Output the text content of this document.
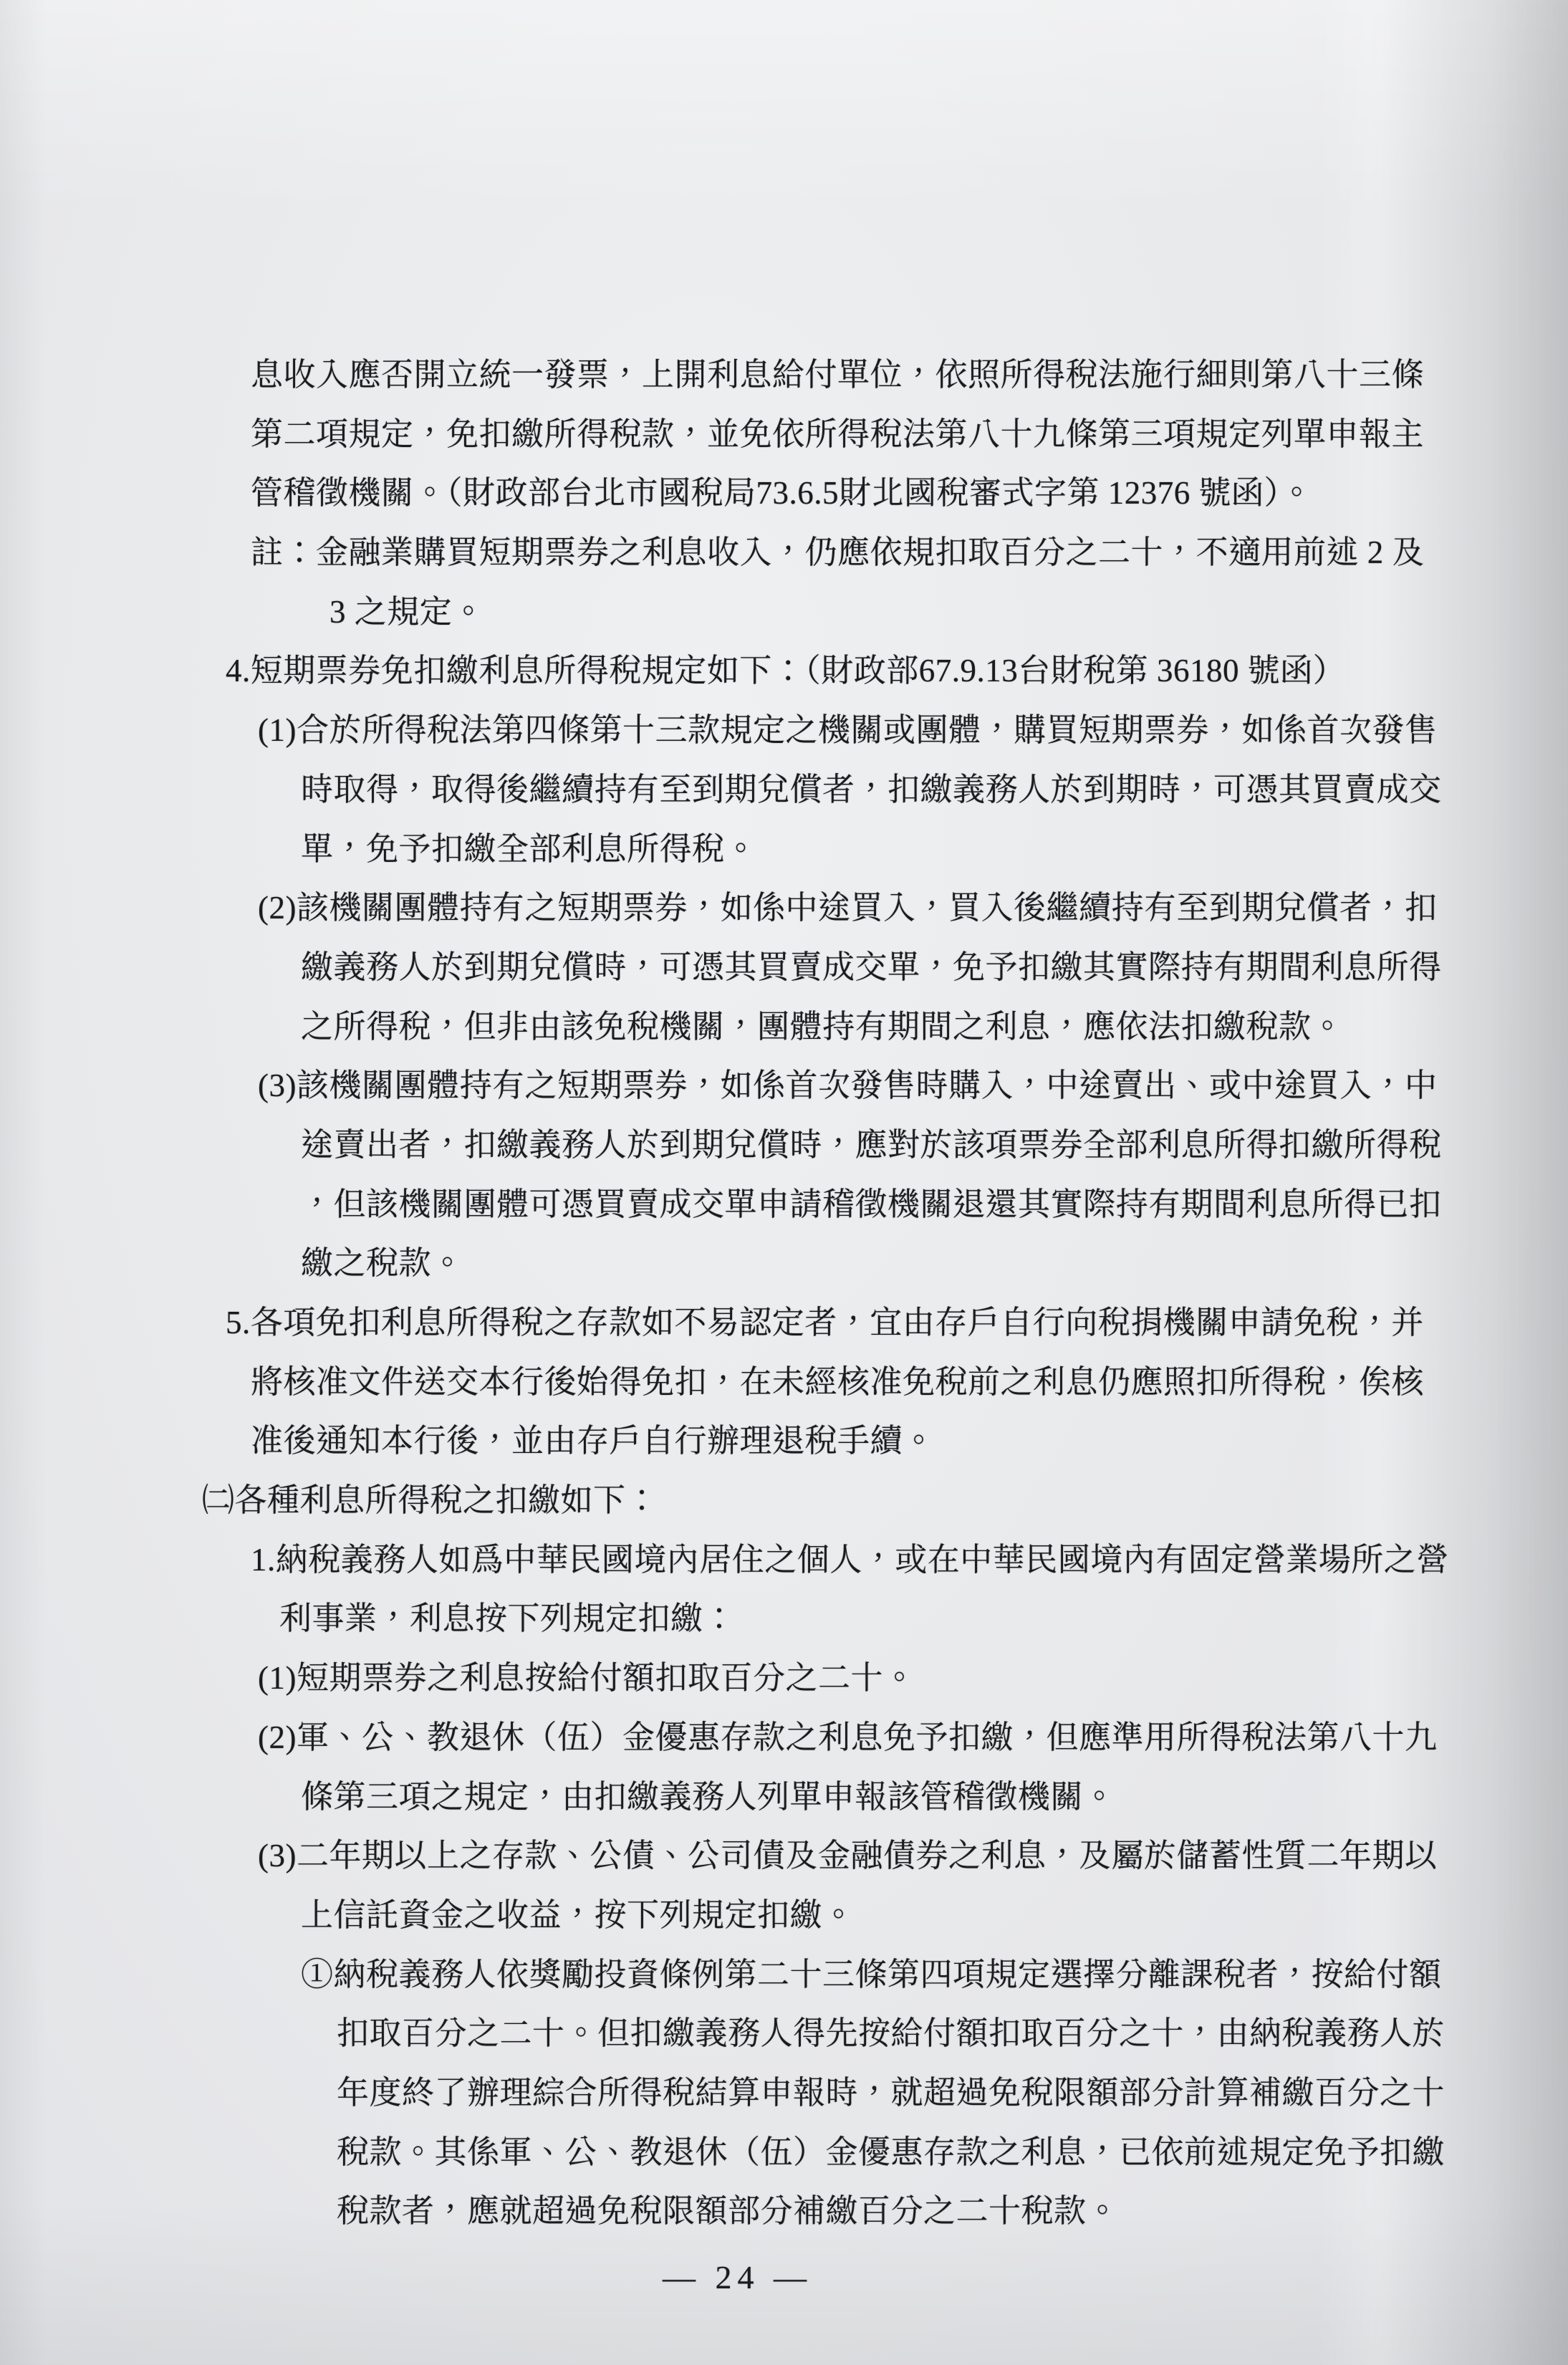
息收入應否開立統一發票，上開利息給付單位，依照所得稅法施行細則第八十三條
第二項規定，免扣繳所得稅款，並免依所得稅法第八十九條第三項規定列單申報主
管稽徵機關。（財政部台北市國稅局73.6.5財北國稅審式字第 12376 號函）。
註：金融業購買短期票券之利息收入，仍應依規扣取百分之二十，不適用前述 2 及
3 之規定。
4.短期票券免扣繳利息所得稅規定如下：（財政部67.9.13台財稅第 36180 號函）
(1)合於所得稅法第四條第十三款規定之機關或團體，購買短期票券，如係首次發售
時取得，取得後繼續持有至到期兌償者，扣繳義務人於到期時，可憑其買賣成交
單，免予扣繳全部利息所得稅。
(2)該機關團體持有之短期票券，如係中途買入，買入後繼續持有至到期兌償者，扣
繳義務人於到期兌償時，可憑其買賣成交單，免予扣繳其實際持有期間利息所得
之所得稅，但非由該免稅機關，團體持有期間之利息，應依法扣繳稅款。
(3)該機關團體持有之短期票券，如係首次發售時購入，中途賣出、或中途買入，中
途賣出者，扣繳義務人於到期兌償時，應對於該項票券全部利息所得扣繳所得稅
，但該機關團體可憑買賣成交單申請稽徵機關退還其實際持有期間利息所得已扣
繳之稅款。
5.各項免扣利息所得稅之存款如不易認定者，宜由存戶自行向稅捐機關申請免稅，并
將核准文件送交本行後始得免扣，在未經核准免稅前之利息仍應照扣所得稅，俟核
准後通知本行後，並由存戶自行辦理退稅手續。
㈡各種利息所得稅之扣繳如下：
1.納稅義務人如爲中華民國境內居住之個人，或在中華民國境內有固定營業場所之營
利事業，利息按下列規定扣繳：
(1)短期票券之利息按給付額扣取百分之二十。
(2)軍、公、教退休（伍）金優惠存款之利息免予扣繳，但應準用所得稅法第八十九
條第三項之規定，由扣繳義務人列單申報該管稽徵機關。
(3)二年期以上之存款、公債、公司債及金融債券之利息，及屬於儲蓄性質二年期以
上信託資金之收益，按下列規定扣繳。
①納稅義務人依獎勵投資條例第二十三條第四項規定選擇分離課稅者，按給付額
扣取百分之二十。但扣繳義務人得先按給付額扣取百分之十，由納稅義務人於
年度終了辦理綜合所得稅結算申報時，就超過免稅限額部分計算補繳百分之十
稅款。其係軍、公、教退休（伍）金優惠存款之利息，已依前述規定免予扣繳
稅款者，應就超過免稅限額部分補繳百分之二十稅款。
— 24 —
